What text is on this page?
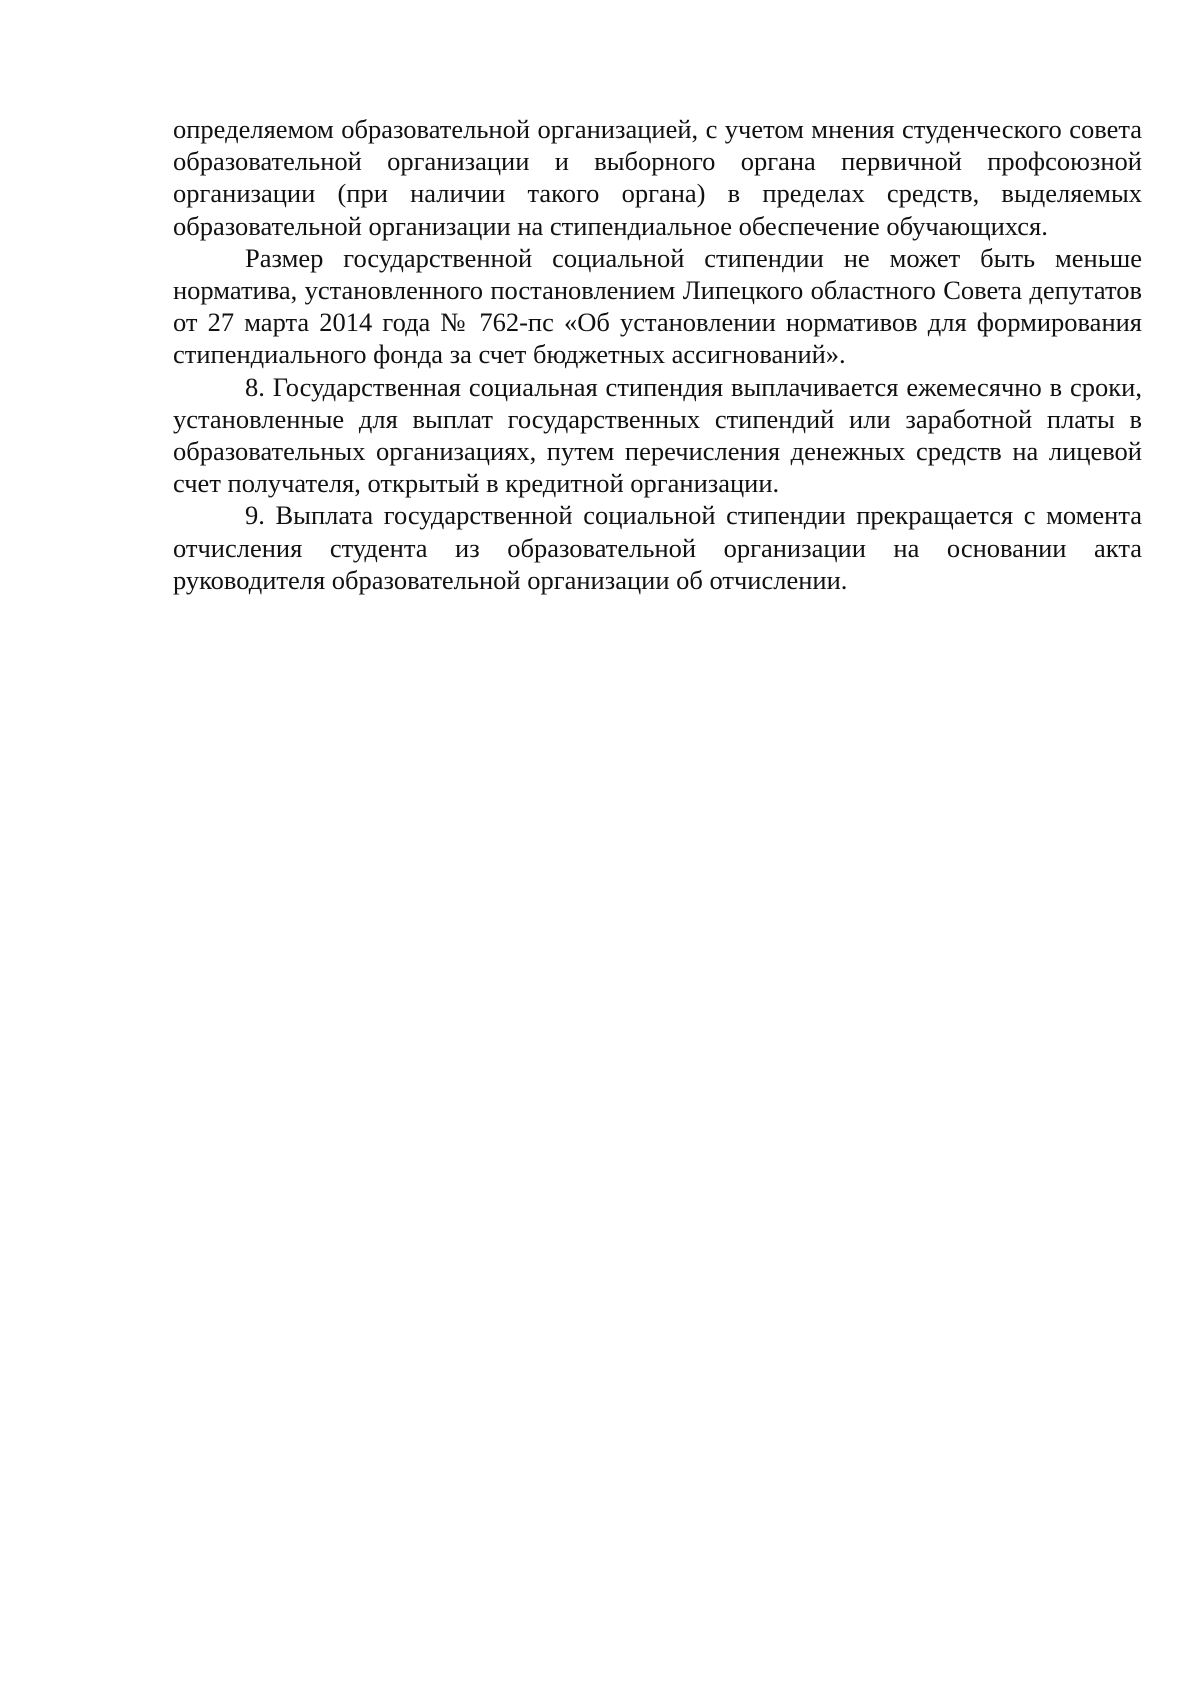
определяемом образовательной организацией, с учетом мнения студенческого совета образовательной организации и выборного органа первичной профсоюзной организации (при наличии такого органа) в пределах средств, выделяемых образовательной организации на стипендиальное обеспечение обучающихся.

Размер государственной социальной стипендии не может быть меньше норматива, установленного постановлением Липецкого областного Совета депутатов от 27 марта 2014 года № 762-пс «Об установлении нормативов для формирования стипендиального фонда за счет бюджетных ассигнований».

8. Государственная социальная стипендия выплачивается ежемесячно в сроки, установленные для выплат государственных стипендий или заработной платы в образовательных организациях, путем перечисления денежных средств на лицевой счет получателя, открытый в кредитной организации.

9. Выплата государственной социальной стипендии прекращается с момента отчисления студента из образовательной организации на основании акта руководителя образовательной организации об отчислении.
